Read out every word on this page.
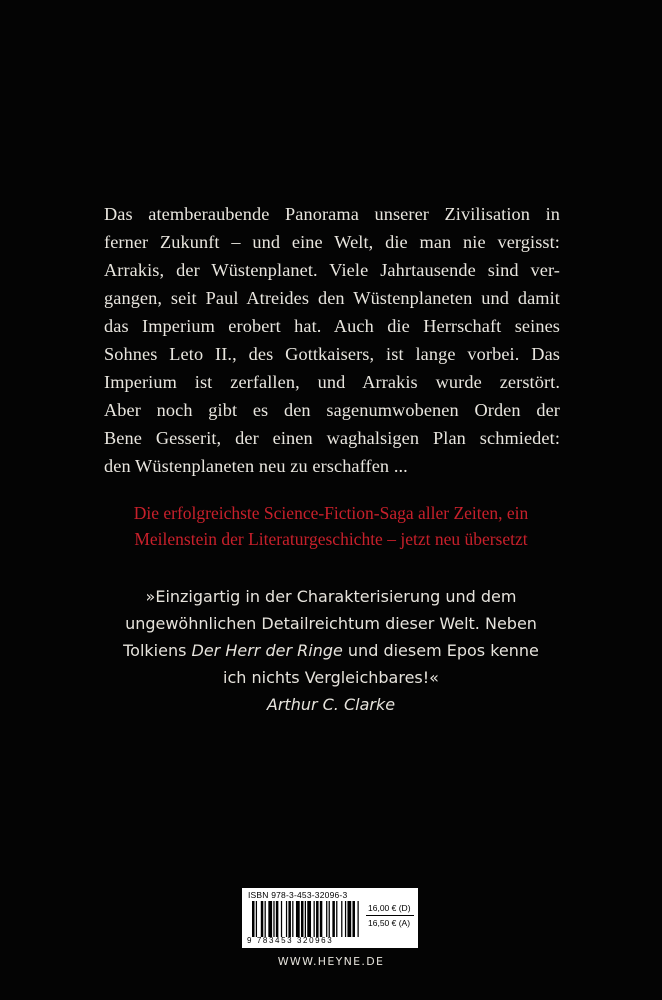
Das atemberaubende Panorama unserer Zivilisation in
ferner Zukunft – und eine Welt, die man nie vergisst:
Arrakis, der Wüstenplanet. Viele Jahrtausende sind ver-
gangen, seit Paul Atreides den Wüstenplaneten und damit
das Imperium erobert hat. Auch die Herrschaft seines
Sohnes Leto II., des Gottkaisers, ist lange vorbei. Das
Imperium ist zerfallen, und Arrakis wurde zerstört.
Aber noch gibt es den sagenumwobenen Orden der
Bene Gesserit, der einen waghalsigen Plan schmiedet:
den Wüstenplaneten neu zu erschaffen ...
Die erfolgreichste Science-Fiction-Saga aller Zeiten, ein
Meilenstein der Literaturgeschichte – jetzt neu übersetzt
»Einzigartig in der Charakterisierung und dem
ungewöhnlichen Detailreichtum dieser Welt. Neben
Tolkiens Der Herr der Ringe und diesem Epos kenne
ich nichts Vergleichbares!«
Arthur C. Clarke
ISBN 978-3-453-32096-3
9 783453 320963
16,00 € (D)
16,50 € (A)
WWW.HEYNE.DE
